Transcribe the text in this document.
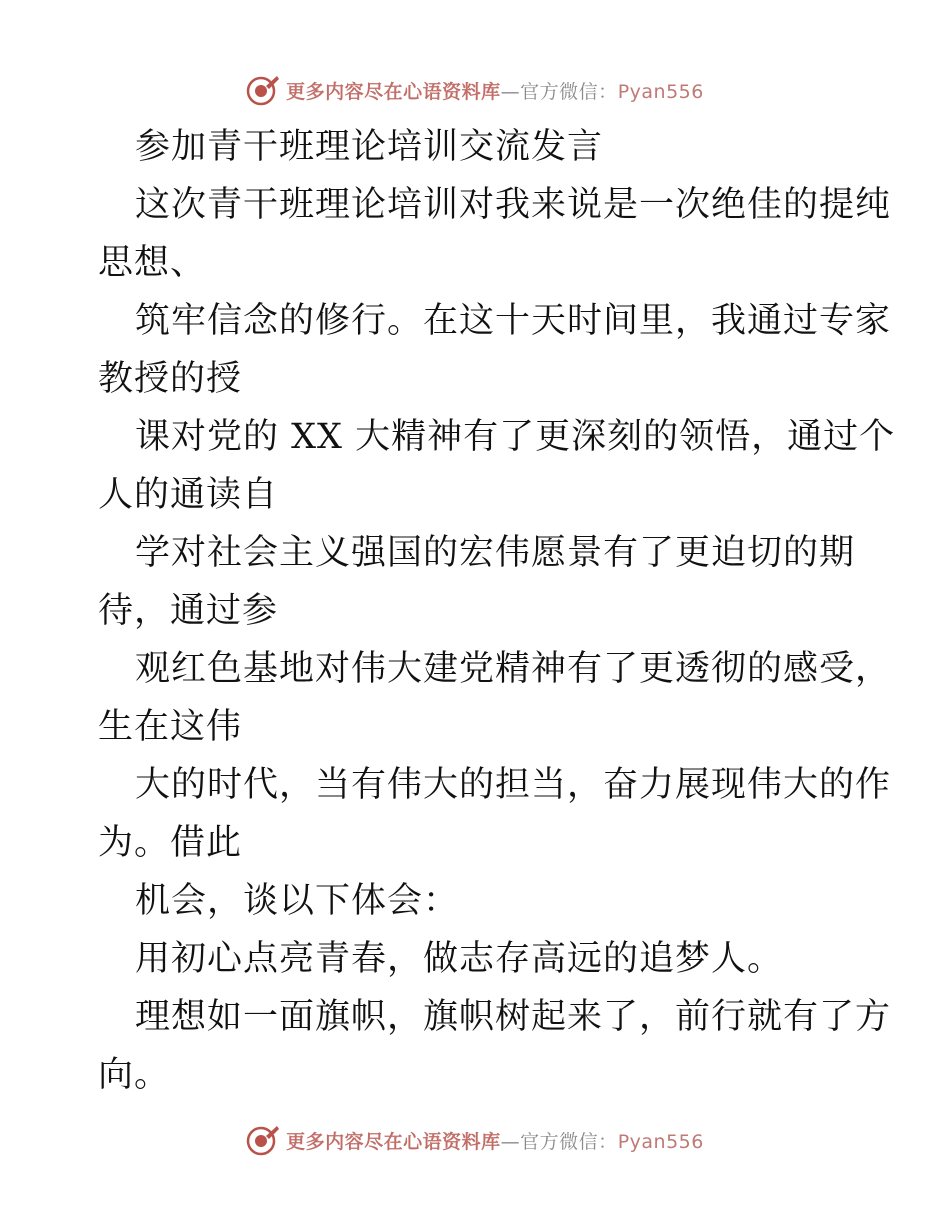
更多内容尽在心语资料库—官方微信：Pyan556
参加青干班理论培训交流发言
这次青干班理论培训对我来说是一次绝佳的提纯
思想、
筑牢信念的修行。在这十天时间里，我通过专家
教授的授
课对党的 XX 大精神有了更深刻的领悟，通过个
人的通读自
学对社会主义强国的宏伟愿景有了更迫切的期
待，通过参
观红色基地对伟大建党精神有了更透彻的感受，
生在这伟
大的时代，当有伟大的担当，奋力展现伟大的作
为。借此
机会，谈以下体会：
用初心点亮青春，做志存高远的追梦人。
理想如一面旗帜，旗帜树起来了，前行就有了方
向。
更多内容尽在心语资料库—官方微信：Pyan556
